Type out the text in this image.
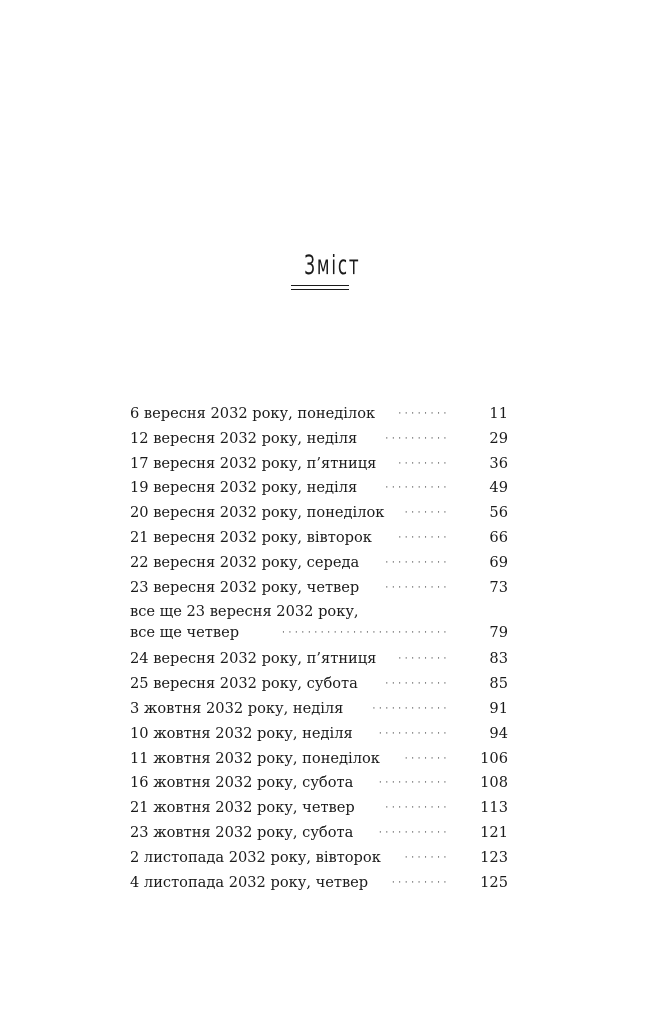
Зміст
6 вересня 2032 року, понеділок	········	11
12 вересня 2032 року, неділя	··········	29
17 вересня 2032 року, п’ятниця	········	36
19 вересня 2032 року, неділя	··········	49
20 вересня 2032 року, понеділок	·······	56
21 вересня 2032 року, вівторок	········	66
22 вересня 2032 року, середа	··········	69
23 вересня 2032 року, четвер	··········	73
все ще 23 вересня 2032 року,
все ще четвер	··························	79
24 вересня 2032 року, п’ятниця	········	83
25 вересня 2032 року, субота	··········	85
3 жовтня 2032 року, неділя	············	91
10 жовтня 2032 року, неділя	···········	94
11 жовтня 2032 року, понеділок	······· 106
16 жовтня 2032 року, субота	··········· 108
21 жовтня 2032 року, четвер	·········· 113
23 жовтня 2032 року, субота	··········· 121
2 листопада 2032 року, вівторок	······· 123
4 листопада 2032 року, четвер	········· 125
